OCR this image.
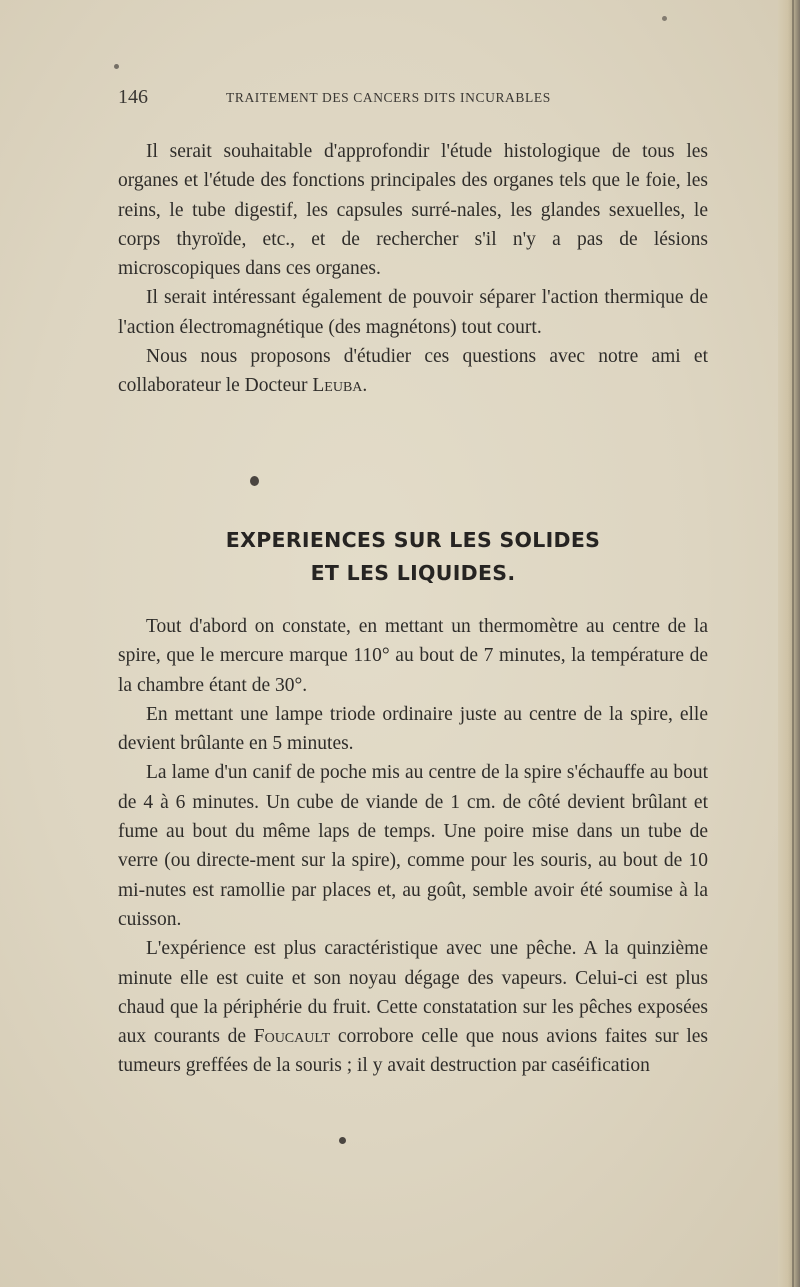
146	TRAITEMENT DES CANCERS DITS INCURABLES

Il serait souhaitable d'approfondir l'étude histologique de tous les organes et l'étude des fonctions principales des organes tels que le foie, les reins, le tube digestif, les capsules surré-nales, les glandes sexuelles, le corps thyroïde, etc., et de rechercher s'il n'y a pas de lésions microscopiques dans ces organes.

Il serait intéressant également de pouvoir séparer l'action thermique de l'action électromagnétique (des magnétons) tout court.

Nous nous proposons d'étudier ces questions avec notre ami et collaborateur le Docteur Leuba.

EXPERIENCES SUR LES SOLIDES
ET LES LIQUIDES.

Tout d'abord on constate, en mettant un thermomètre au centre de la spire, que le mercure marque 110° au bout de 7 minutes, la température de la chambre étant de 30°.

En mettant une lampe triode ordinaire juste au centre de la spire, elle devient brûlante en 5 minutes.

La lame d'un canif de poche mis au centre de la spire s'échauffe au bout de 4 à 6 minutes. Un cube de viande de 1 cm. de côté devient brûlant et fume au bout du même laps de temps. Une poire mise dans un tube de verre (ou directe-ment sur la spire), comme pour les souris, au bout de 10 mi-nutes est ramollie par places et, au goût, semble avoir été soumise à la cuisson.

L'expérience est plus caractéristique avec une pêche. A la quinzième minute elle est cuite et son noyau dégage des vapeurs. Celui-ci est plus chaud que la périphérie du fruit. Cette constatation sur les pêches exposées aux courants de Foucault corrobore celle que nous avions faites sur les tumeurs greffées de la souris ; il y avait destruction par caséification
